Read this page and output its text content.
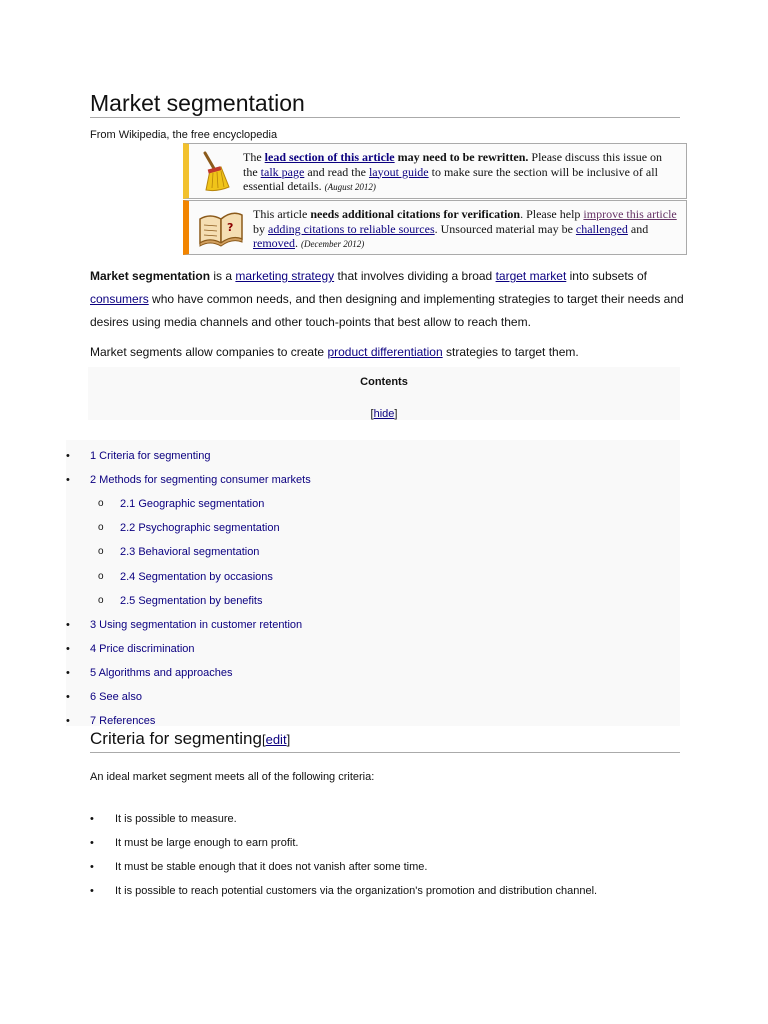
Market segmentation
From Wikipedia, the free encyclopedia
The lead section of this article may need to be rewritten. Please discuss this issue on the talk page and read the layout guide to make sure the section will be inclusive of all essential details. (August 2012)
?
This article needs additional citations for verification. Please help improve this article by adding citations to reliable sources. Unsourced material may be challenged and removed. (December 2012)

Market segmentation is a marketing strategy that involves dividing a broad target market into subsets of consumers who have common needs, and then designing and implementing strategies to target their needs and desires using media channels and other touch-points that best allow to reach them.

Market segments allow companies to create product differentiation strategies to target them.

Contents
[hide]
• 1 Criteria for segmenting
• 2 Methods for segmenting consumer markets
o 2.1 Geographic segmentation
o 2.2 Psychographic segmentation
o 2.3 Behavioral segmentation
o 2.4 Segmentation by occasions
o 2.5 Segmentation by benefits
• 3 Using segmentation in customer retention
• 4 Price discrimination
• 5 Algorithms and approaches
• 6 See also
• 7 References
Criteria for segmenting[edit]
An ideal market segment meets all of the following criteria:
• It is possible to measure.
• It must be large enough to earn profit.
• It must be stable enough that it does not vanish after some time.
• It is possible to reach potential customers via the organization's promotion and distribution channel.
